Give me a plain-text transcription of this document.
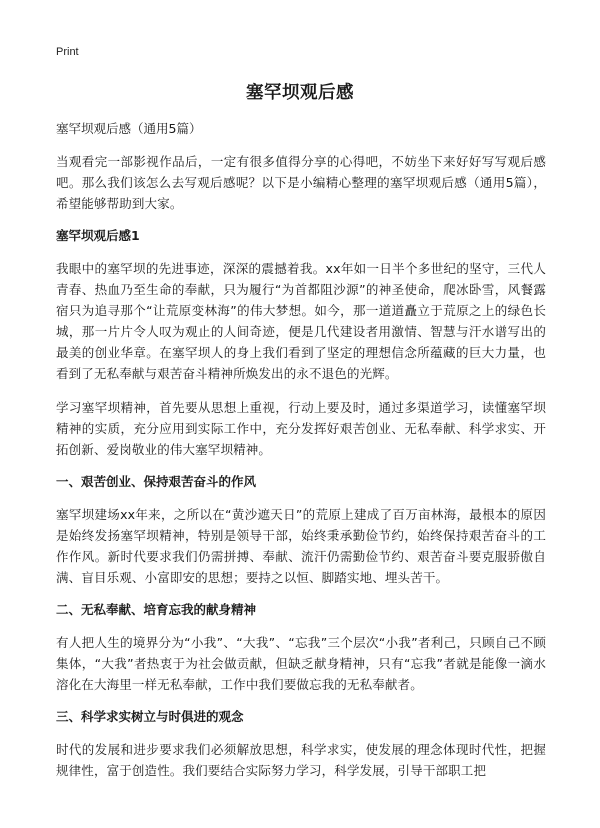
Print
塞罕坝观后感

塞罕坝观后感（通用5篇）

当观看完一部影视作品后，一定有很多值得分享的心得吧，不妨坐下来好好写写观后感吧。那么我们该怎么去写观后感呢？以下是小编精心整理的塞罕坝观后感（通用5篇），希望能够帮助到大家。

塞罕坝观后感1

我眼中的塞罕坝的先进事迹，深深的震撼着我。xx年如一日半个多世纪的坚守，三代人青春、热血乃至生命的奉献，只为履行“为首都阻沙源”的神圣使命，爬冰卧雪，风餐露宿只为追寻那个“让荒原变林海”的伟大梦想。如今，那一道道矗立于荒原之上的绿色长城，那一片片令人叹为观止的人间奇迹，便是几代建设者用激情、智慧与汗水谱写出的最美的创业华章。在塞罕坝人的身上我们看到了坚定的理想信念所蕴藏的巨大力量，也看到了无私奉献与艰苦奋斗精神所焕发出的永不退色的光辉。

学习塞罕坝精神，首先要从思想上重视，行动上要及时，通过多渠道学习，读懂塞罕坝精神的实质，充分应用到实际工作中，充分发挥好艰苦创业、无私奉献、科学求实、开拓创新、爱岗敬业的伟大塞罕坝精神。

一、艰苦创业、保持艰苦奋斗的作风

塞罕坝建场xx年来，之所以在“黄沙遮天日”的荒原上建成了百万亩林海，最根本的原因是始终发扬塞罕坝精神，特别是领导干部，始终秉承勤俭节约，始终保持艰苦奋斗的工作作风。新时代要求我们仍需拼搏、奉献、流汗仍需勤俭节约、艰苦奋斗要克服骄傲自满、盲目乐观、小富即安的思想；要持之以恒、脚踏实地、埋头苦干。

二、无私奉献、培育忘我的献身精神

有人把人生的境界分为“小我”、“大我”、“忘我”三个层次“小我”者利己，只顾自己不顾集体，“大我”者热衷于为社会做贡献，但缺乏献身精神，只有“忘我”者就是能像一滴水溶化在大海里一样无私奉献，工作中我们要做忘我的无私奉献者。

三、科学求实树立与时俱进的观念

时代的发展和进步要求我们必须解放思想，科学求实，使发展的理念体现时代性，把握规律性，富于创造性。我们要结合实际努力学习，科学发展，引导干部职工把
